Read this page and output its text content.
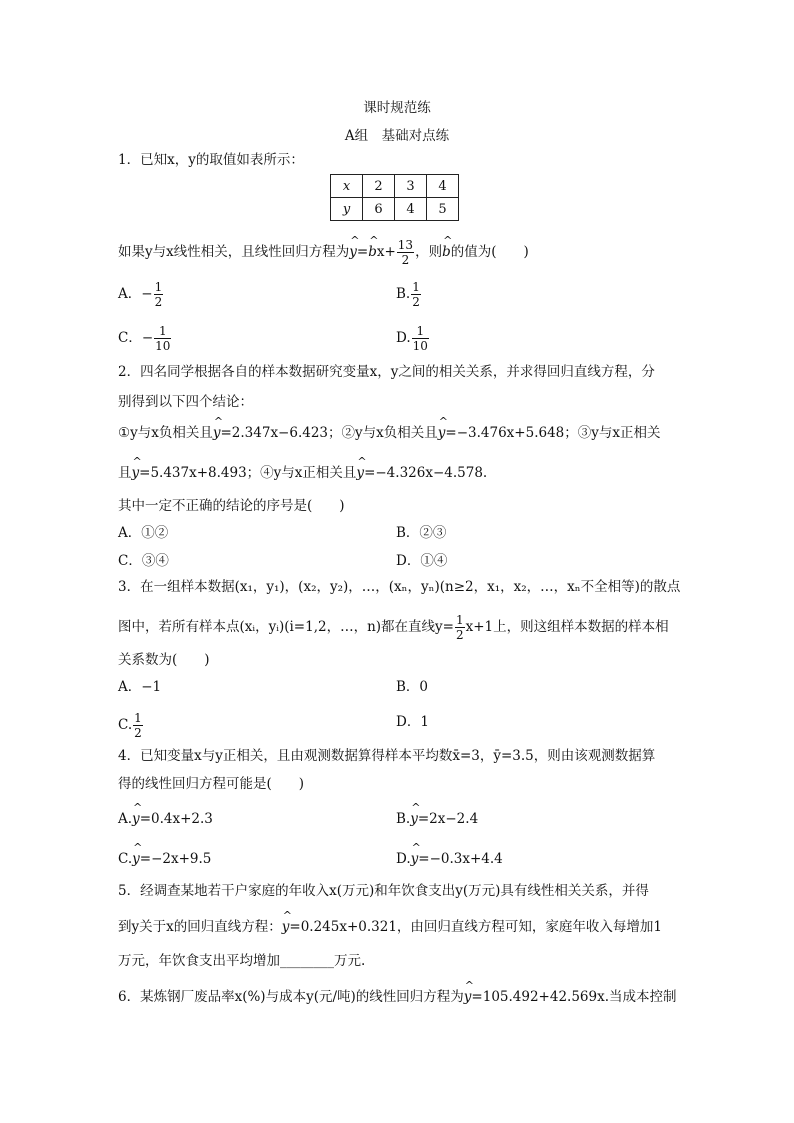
课时规范练
A组　基础对点练
1．已知x，y的取值如表所示：
x	2	3	4
y	6	4	5
如果y与x线性相关，且线性回归方程为^ y=^ $bx+ \frac{13}{2}$ ，则^ b的值为(　　)
A．− $\frac{1}{2}$	B. $\frac{1}{2}$
C．− $\frac{1}{10}$	D. $\frac{1}{10}$
2．四名同学根据各自的样本数据研究变量x，y之间的相关关系，并求得回归直线方程，分
别得到以下四个结论：
①y与x负相关且^ y=2.347x−6.423；②y与x负相关且^ y=−3.476x+5.648；③y与x正相关
且^ y=5.437x+8.493；④y与x正相关且^ y=−4.326x−4.578.
其中一定不正确的结论的序号是(　　)
A．①②	B．②③
C．③④	D．①④
3．在一组样本数据(x₁，y₁)，(x₂，y₂)，…，(xₙ，yₙ)(n≥2，x₁，x₂，…，xₙ不全相等)的散点
图中，若所有样本点(xᵢ，yᵢ)(i=1,2，…，n)都在直线$y= \frac{1}{2} x+1$上，则这组样本数据的样本相
关系数为(　　)
A．−1	B．0
C. $\frac{1}{2}$	D．1
4．已知变量x与y正相关，且由观测数据算得样本平均数x̄=3，ȳ=3.5，则由该观测数据算
得的线性回归方程可能是(　　)
A.^ y=0.4x+2.3	B.^ y=2x−2.4
C.^ y=−2x+9.5	D.^ y=−0.3x+4.4
5．经调查某地若干户家庭的年收入x(万元)和年饮食支出y(万元)具有线性相关关系，并得
到y关于x的回归直线方程：^ y=0.245x+0.321，由回归直线方程可知，家庭年收入每增加1
万元，年饮食支出平均增加________万元.
6．某炼钢厂废品率x(%)与成本y(元/吨)的线性回归方程为^ y=105.492+42.569x.当成本控制
